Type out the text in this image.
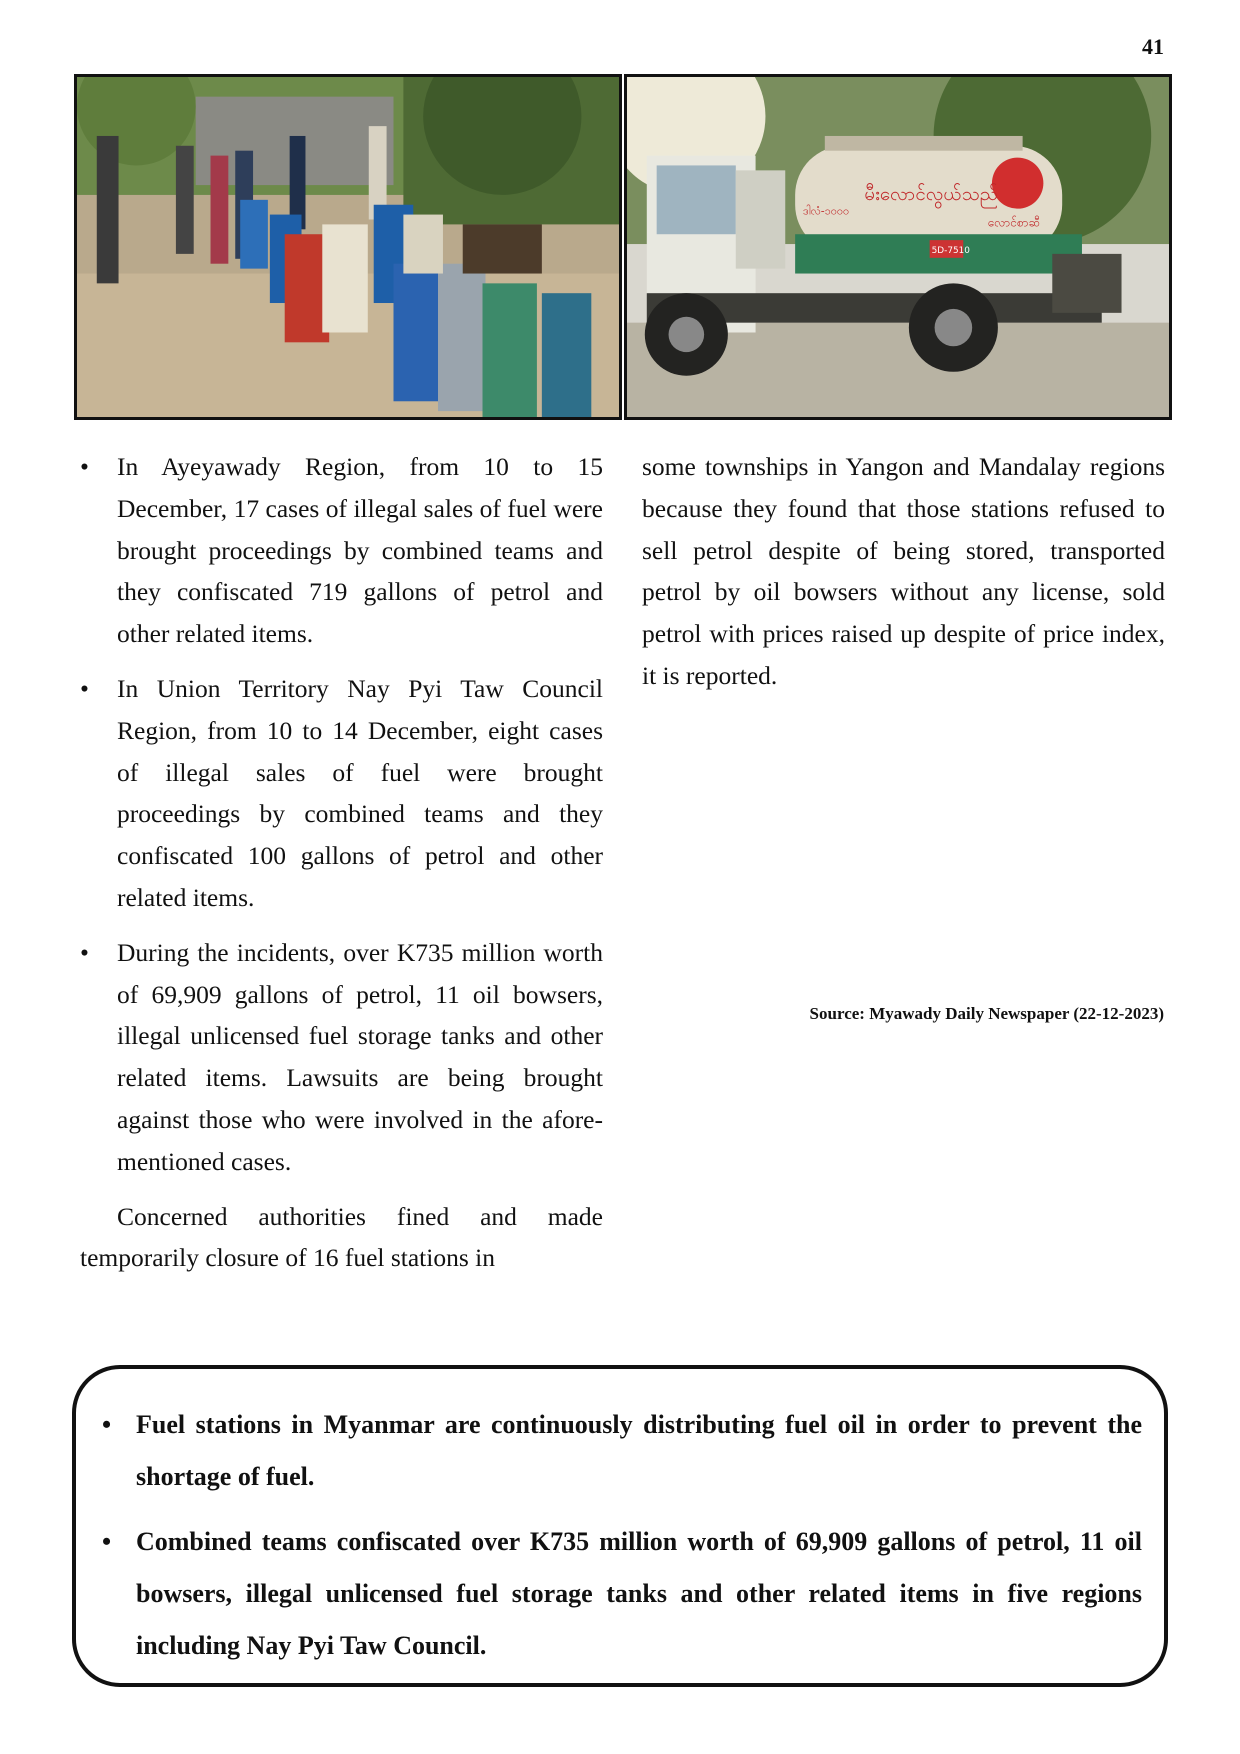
41
မီးလောင်လွယ်သည်
လောင်စာဆီ
ဒါလံ-၁၀၀၀
5D-7510
• In Ayeyawady Region, from 10 to 15 December, 17 cases of illegal sales of fuel were brought proceedings by combined teams and they confiscated 719 gallons of petrol and other related items.
• In Union Territory Nay Pyi Taw Council Region, from 10 to 14 December, eight cases of illegal sales of fuel were brought proceedings by combined teams and they confiscated 100 gallons of petrol and other related items.
• During the incidents, over K735 million worth of 69,909 gallons of petrol, 11 oil bowsers, illegal unlicensed fuel storage tanks and other related items. Lawsuits are being brought against those who were involved in the afore-mentioned cases.

Concerned authorities fined and made temporarily closure of 16 fuel stations in

some townships in Yangon and Mandalay regions because they found that those stations refused to sell petrol despite of being stored, transported petrol by oil bowsers without any license, sold petrol with prices raised up despite of price index, it is reported.

Source: Myawady Daily Newspaper (22-12-2023)
• Fuel stations in Myanmar are continuously distributing fuel oil in order to prevent the shortage of fuel.
• Combined teams confiscated over K735 million worth of 69,909 gallons of petrol, 11 oil bowsers, illegal unlicensed fuel storage tanks and other related items in five regions including Nay Pyi Taw Council.
